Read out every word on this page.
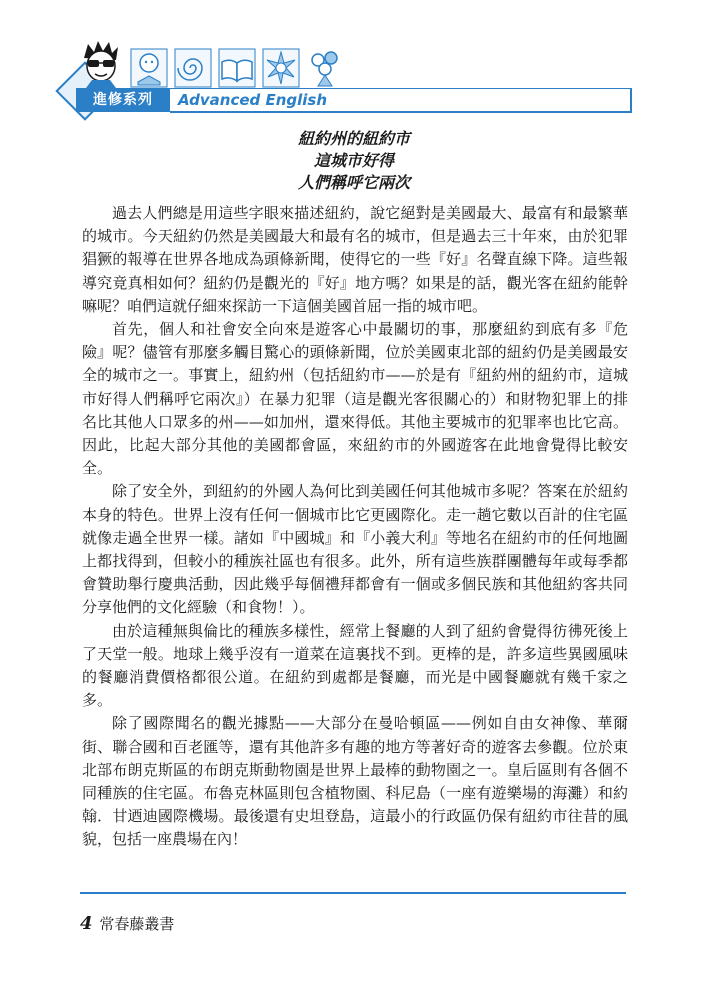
進修系列	Advanced English
紐約州的紐約市
這城市好得
人們稱呼它兩次

過去人們總是用這些字眼來描述紐約，說它絕對是美國最大、最富有和最繁華的城市。今天紐約仍然是美國最大和最有名的城市，但是過去三十年來，由於犯罪猖獗的報導在世界各地成為頭條新聞，使得它的一些『好』名聲直線下降。這些報導究竟真相如何？紐約仍是觀光的『好』地方嗎？如果是的話，觀光客在紐約能幹嘛呢？咱們這就仔細來探訪一下這個美國首屈一指的城市吧。

首先，個人和社會安全向來是遊客心中最關切的事，那麼紐約到底有多『危險』呢？儘管有那麼多觸目驚心的頭條新聞，位於美國東北部的紐約仍是美國最安全的城市之一。事實上，紐約州（包括紐約市——於是有『紐約州的紐約市，這城市好得人們稱呼它兩次』）在暴力犯罪（這是觀光客很關心的）和財物犯罪上的排名比其他人口眾多的州——如加州，還來得低。其他主要城市的犯罪率也比它高。因此，比起大部分其他的美國都會區，來紐約市的外國遊客在此地會覺得比較安全。

除了安全外，到紐約的外國人為何比到美國任何其他城市多呢？答案在於紐約本身的特色。世界上沒有任何一個城市比它更國際化。走一趟它數以百計的住宅區就像走過全世界一樣。諸如『中國城』和『小義大利』等地名在紐約市的任何地圖上都找得到，但較小的種族社區也有很多。此外，所有這些族群團體每年或每季都會贊助舉行慶典活動，因此幾乎每個禮拜都會有一個或多個民族和其他紐約客共同分享他們的文化經驗（和食物！）。

由於這種無與倫比的種族多樣性，經常上餐廳的人到了紐約會覺得彷彿死後上了天堂一般。地球上幾乎沒有一道菜在這裏找不到。更棒的是，許多這些異國風味的餐廳消費價格都很公道。在紐約到處都是餐廳，而光是中國餐廳就有幾千家之多。

除了國際聞名的觀光據點——大部分在曼哈頓區——例如自由女神像、華爾街、聯合國和百老匯等，還有其他許多有趣的地方等著好奇的遊客去參觀。位於東北部布朗克斯區的布朗克斯動物園是世界上最棒的動物園之一。皇后區則有各個不同種族的住宅區。布魯克林區則包含植物園、科尼島（一座有遊樂場的海灘）和約翰．甘迺迪國際機場。最後還有史坦登島，這最小的行政區仍保有紐約市往昔的風貌，包括一座農場在內！

4 常春藤叢書
